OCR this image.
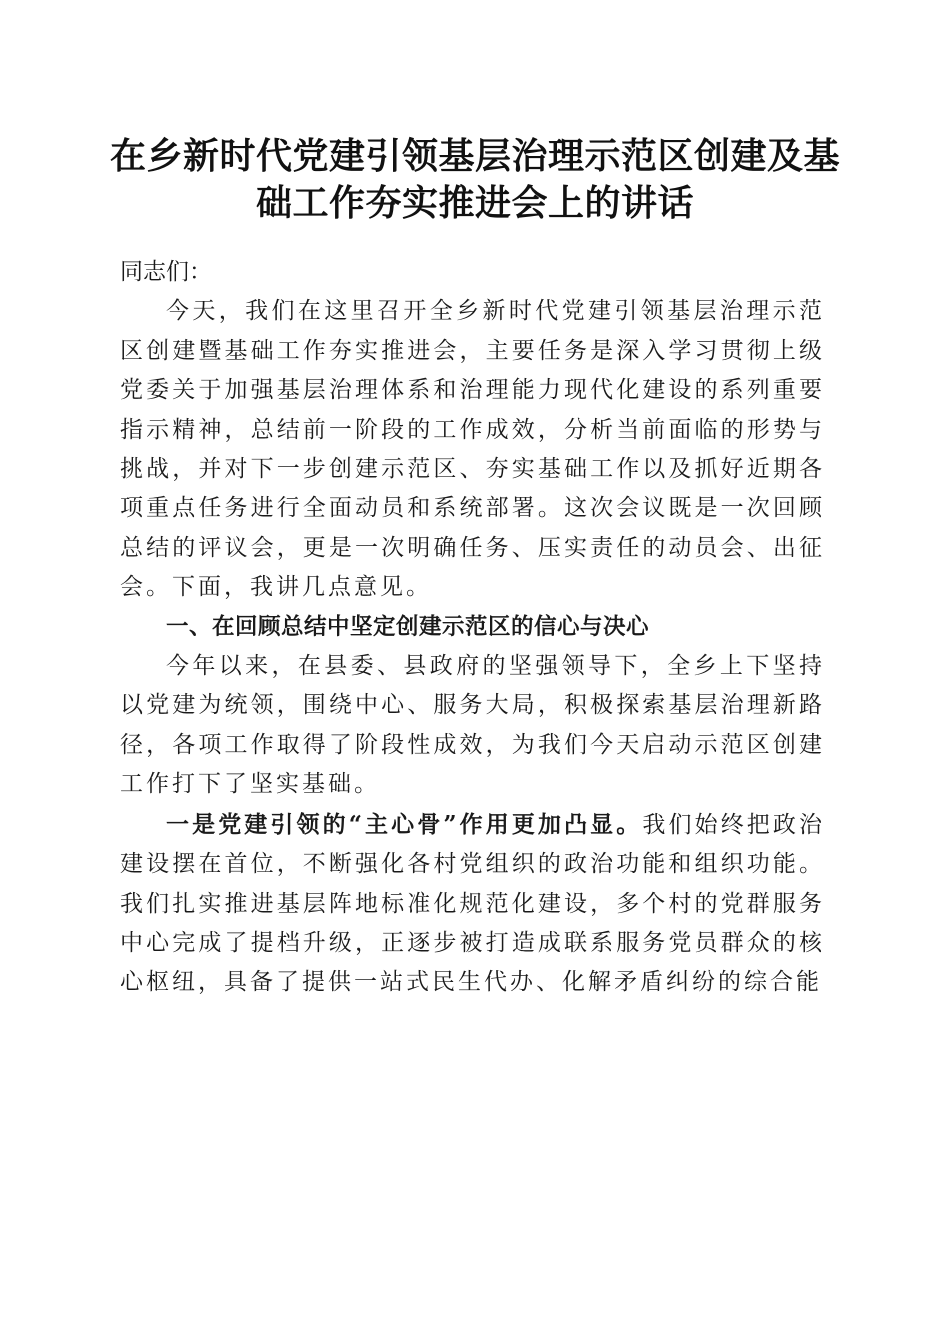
在乡新时代党建引领基层治理示范区创建及基
础工作夯实推进会上的讲话

同志们：

今天，我们在这里召开全乡新时代党建引领基层治理示范区创建暨基础工作夯实推进会，主要任务是深入学习贯彻上级党委关于加强基层治理体系和治理能力现代化建设的系列重要指示精神，总结前一阶段的工作成效，分析当前面临的形势与挑战，并对下一步创建示范区、夯实基础工作以及抓好近期各项重点任务进行全面动员和系统部署。这次会议既是一次回顾总结的评议会，更是一次明确任务、压实责任的动员会、出征会。下面，我讲几点意见。

一、在回顾总结中坚定创建示范区的信心与决心

今年以来，在县委、县政府的坚强领导下，全乡上下坚持以党建为统领，围绕中心、服务大局，积极探索基层治理新路径，各项工作取得了阶段性成效，为我们今天启动示范区创建工作打下了坚实基础。

一是党建引领的“主心骨”作用更加凸显。我们始终把政治建设摆在首位，不断强化各村党组织的政治功能和组织功能。我们扎实推进基层阵地标准化规范化建设，多个村的党群服务中心完成了提档升级，正逐步被打造成联系服务党员群众的核心枢纽，具备了提供一站式民生代办、化解矛盾纠纷的综合能
